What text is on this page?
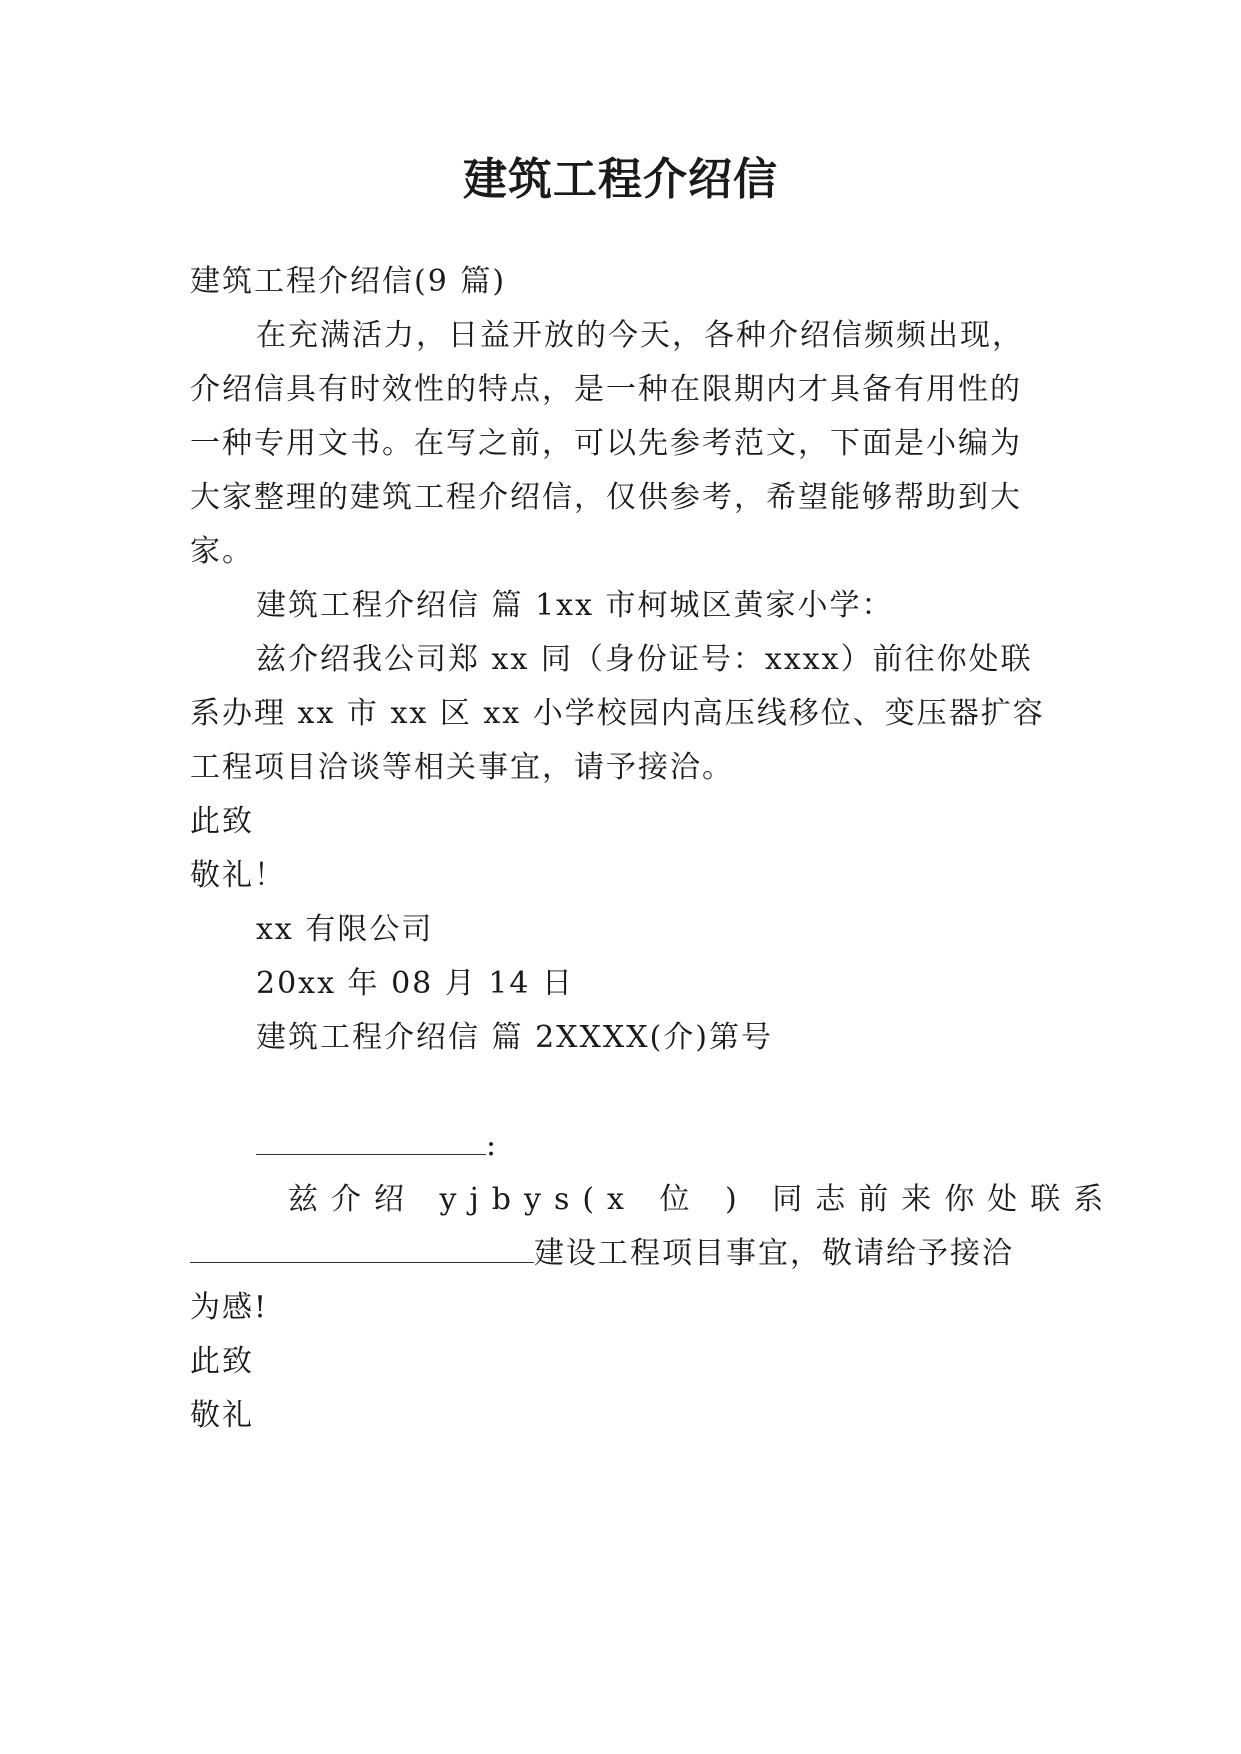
建筑工程介绍信
建筑工程介绍信(9 篇)
在充满活力，日益开放的今天，各种介绍信频频出现，
介绍信具有时效性的特点，是一种在限期内才具备有用性的
一种专用文书。在写之前，可以先参考范文，下面是小编为
大家整理的建筑工程介绍信，仅供参考，希望能够帮助到大
家。
建筑工程介绍信 篇 1xx 市柯城区黄家小学：
兹介绍我公司郑 xx 同（身份证号：xxxx）前往你处联
系办理 xx 市 xx 区 xx 小学校园内高压线移位、变压器扩容
工程项目洽谈等相关事宜，请予接洽。
此致
敬礼！
xx 有限公司
20xx 年 08 月 14 日
建筑工程介绍信 篇 2XXXX(介)第号
:
兹介绍 yjbys(x 位 ) 同志前来你处联系
建设工程项目事宜，敬请给予接洽
为感!
此致
敬礼
